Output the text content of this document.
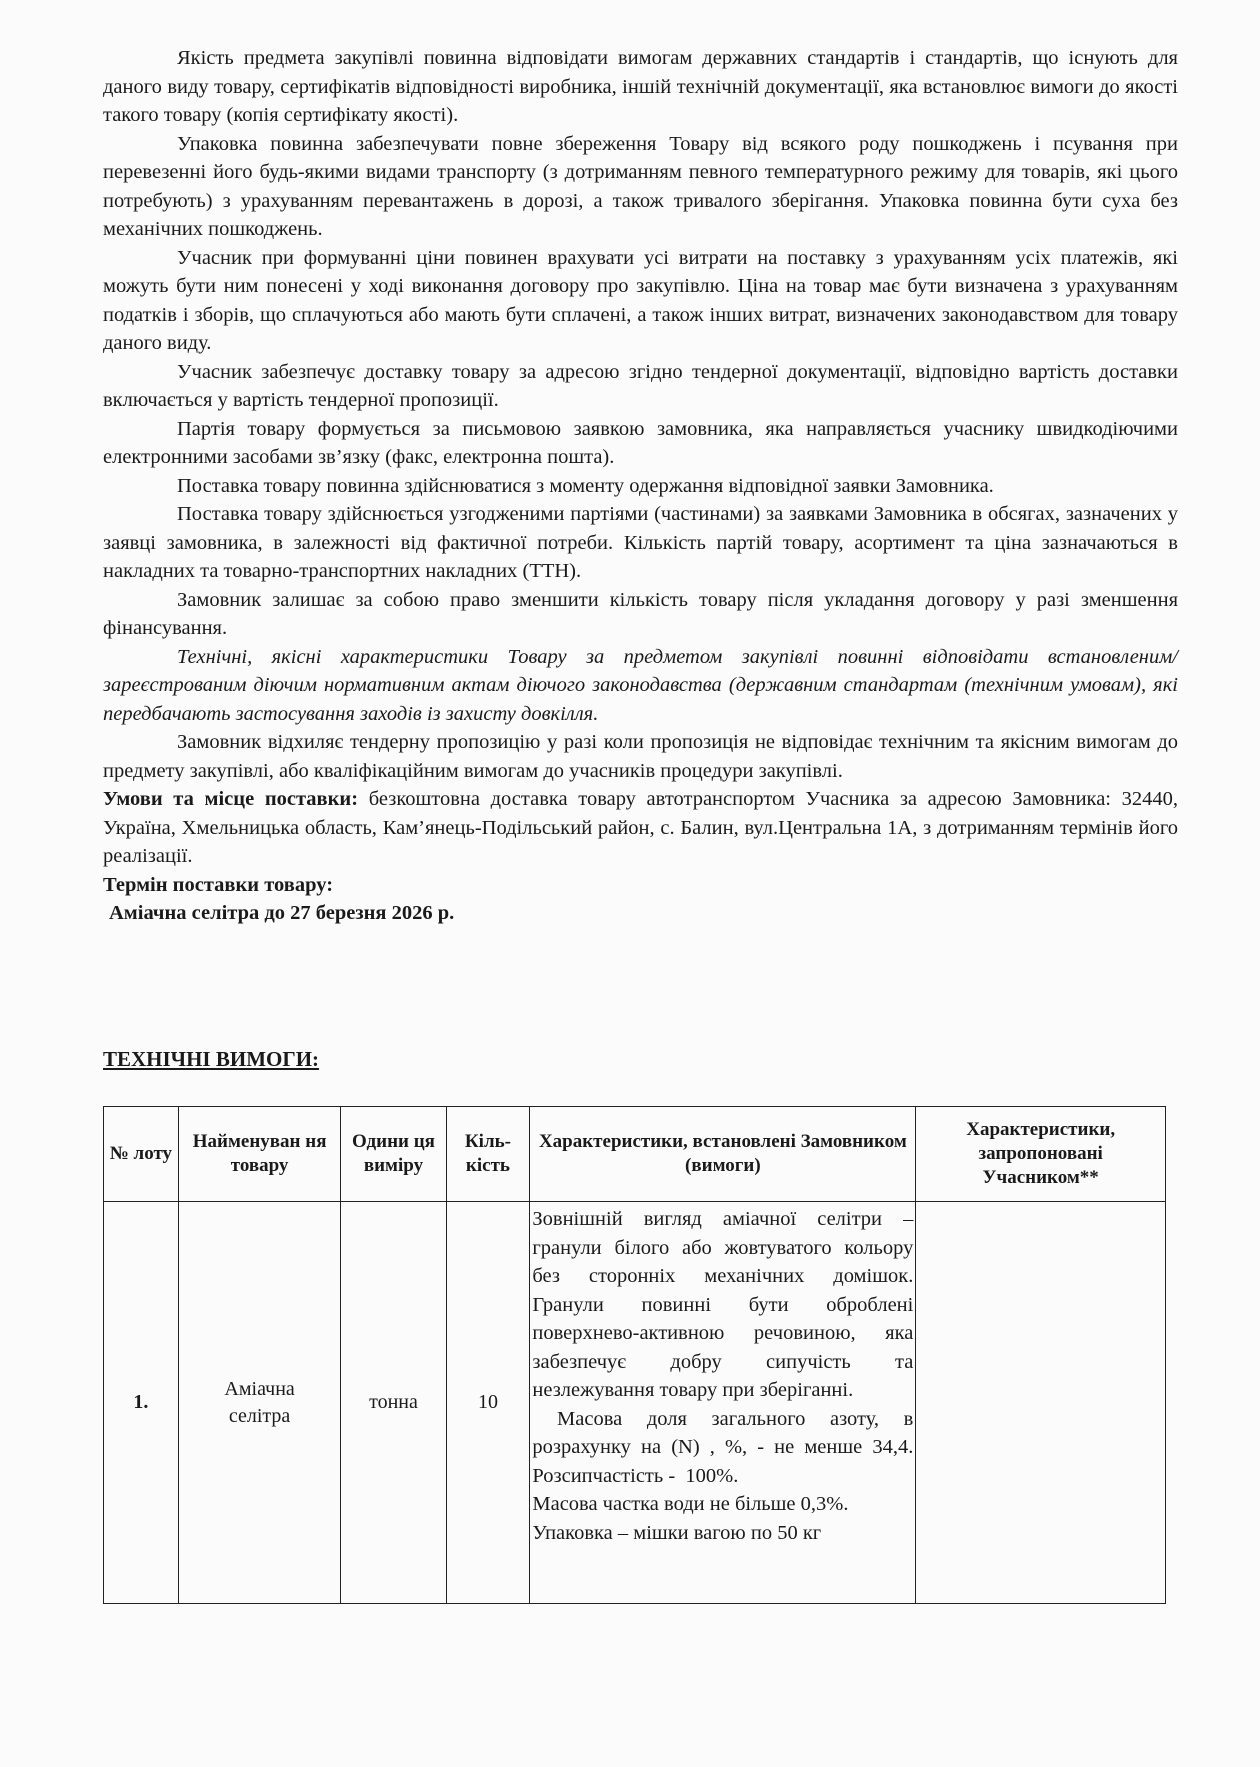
Якість предмета закупівлі повинна відповідати вимогам державних стандартів і стандартів, що існують для даного виду товару, сертифікатів відповідності виробника, іншій технічній документації, яка встановлює вимоги до якості такого товару (копія сертифікату якості).

Упаковка повинна забезпечувати повне збереження Товару від всякого роду пошкоджень і псування при перевезенні його будь-якими видами транспорту (з дотриманням певного температурного режиму для товарів, які цього потребують) з урахуванням перевантажень в дорозі, а також тривалого зберігання. Упаковка повинна бути суха без механічних пошкоджень.

Учасник при формуванні ціни повинен врахувати усі витрати на поставку з урахуванням усіх платежів, які можуть бути ним понесені у ході виконання договору про закупівлю. Ціна на товар має бути визначена з урахуванням податків і зборів, що сплачуються або мають бути сплачені, а також інших витрат, визначених законодавством для товару даного виду.

Учасник забезпечує доставку товару за адресою згідно тендерної документації, відповідно вартість доставки включається у вартість тендерної пропозиції.

Партія товару формується за письмовою заявкою замовника, яка направляється учаснику швидкодіючими електронними засобами зв’язку (факс, електронна пошта).

Поставка товару повинна здійснюватися з моменту одержання відповідної заявки Замовника.

Поставка товару здійснюється узгодженими партіями (частинами) за заявками Замовника в обсягах, зазначених у заявці замовника, в залежності від фактичної потреби. Кількість партій товару, асортимент та ціна зазначаються в накладних та товарно-транспортних накладних (ТТН).

Замовник залишає за собою право зменшити кількість товару після укладання договору у разі зменшення фінансування.

Технічні, якісні характеристики Товару за предметом закупівлі повинні відповідати встановленим/зареєстрованим діючим нормативним актам діючого законодавства (державним стандартам (технічним умовам), які передбачають застосування заходів із захисту довкілля.

Замовник відхиляє тендерну пропозицію у разі коли пропозиція не відповідає технічним та якісним вимогам до предмету закупівлі, або кваліфікаційним вимогам до учасників процедури закупівлі.

Умови та місце поставки: безкоштовна доставка товару автотранспортом Учасника за адресою Замовника: 32440, Україна, Хмельницька область, Кам’янець-Подільський район, с. Балин, вул.Центральна 1А, з дотриманням термінів його реалізації.

Термін поставки товару:

Аміачна селітра до 27 березня 2026 р.

ТЕХНІЧНІ ВИМОГИ:
№ лоту	Найменуван ня товару	Одини ця виміру	Кіль-кість	Характеристики, встановлені Замовником (вимоги)	Характеристики, запропоновані Учасником**
1.	Аміачна селітра	тонна	10	Зовнішній вигляд аміачної селітри – гранули білого або жовтуватого кольору без сторонніх механічних домішок. Гранули повинні бути оброблені поверхнево-активною речовиною, яка забезпечує добру сипучість та незлежування товару при зберіганні.
Масова доля загального азоту, в розрахунку на (N) , %, - не менше 34,4. Розсипчастість -  100%.
Масова частка води не більше 0,3%.
Упаковка – мішки вагою по 50 кг	
